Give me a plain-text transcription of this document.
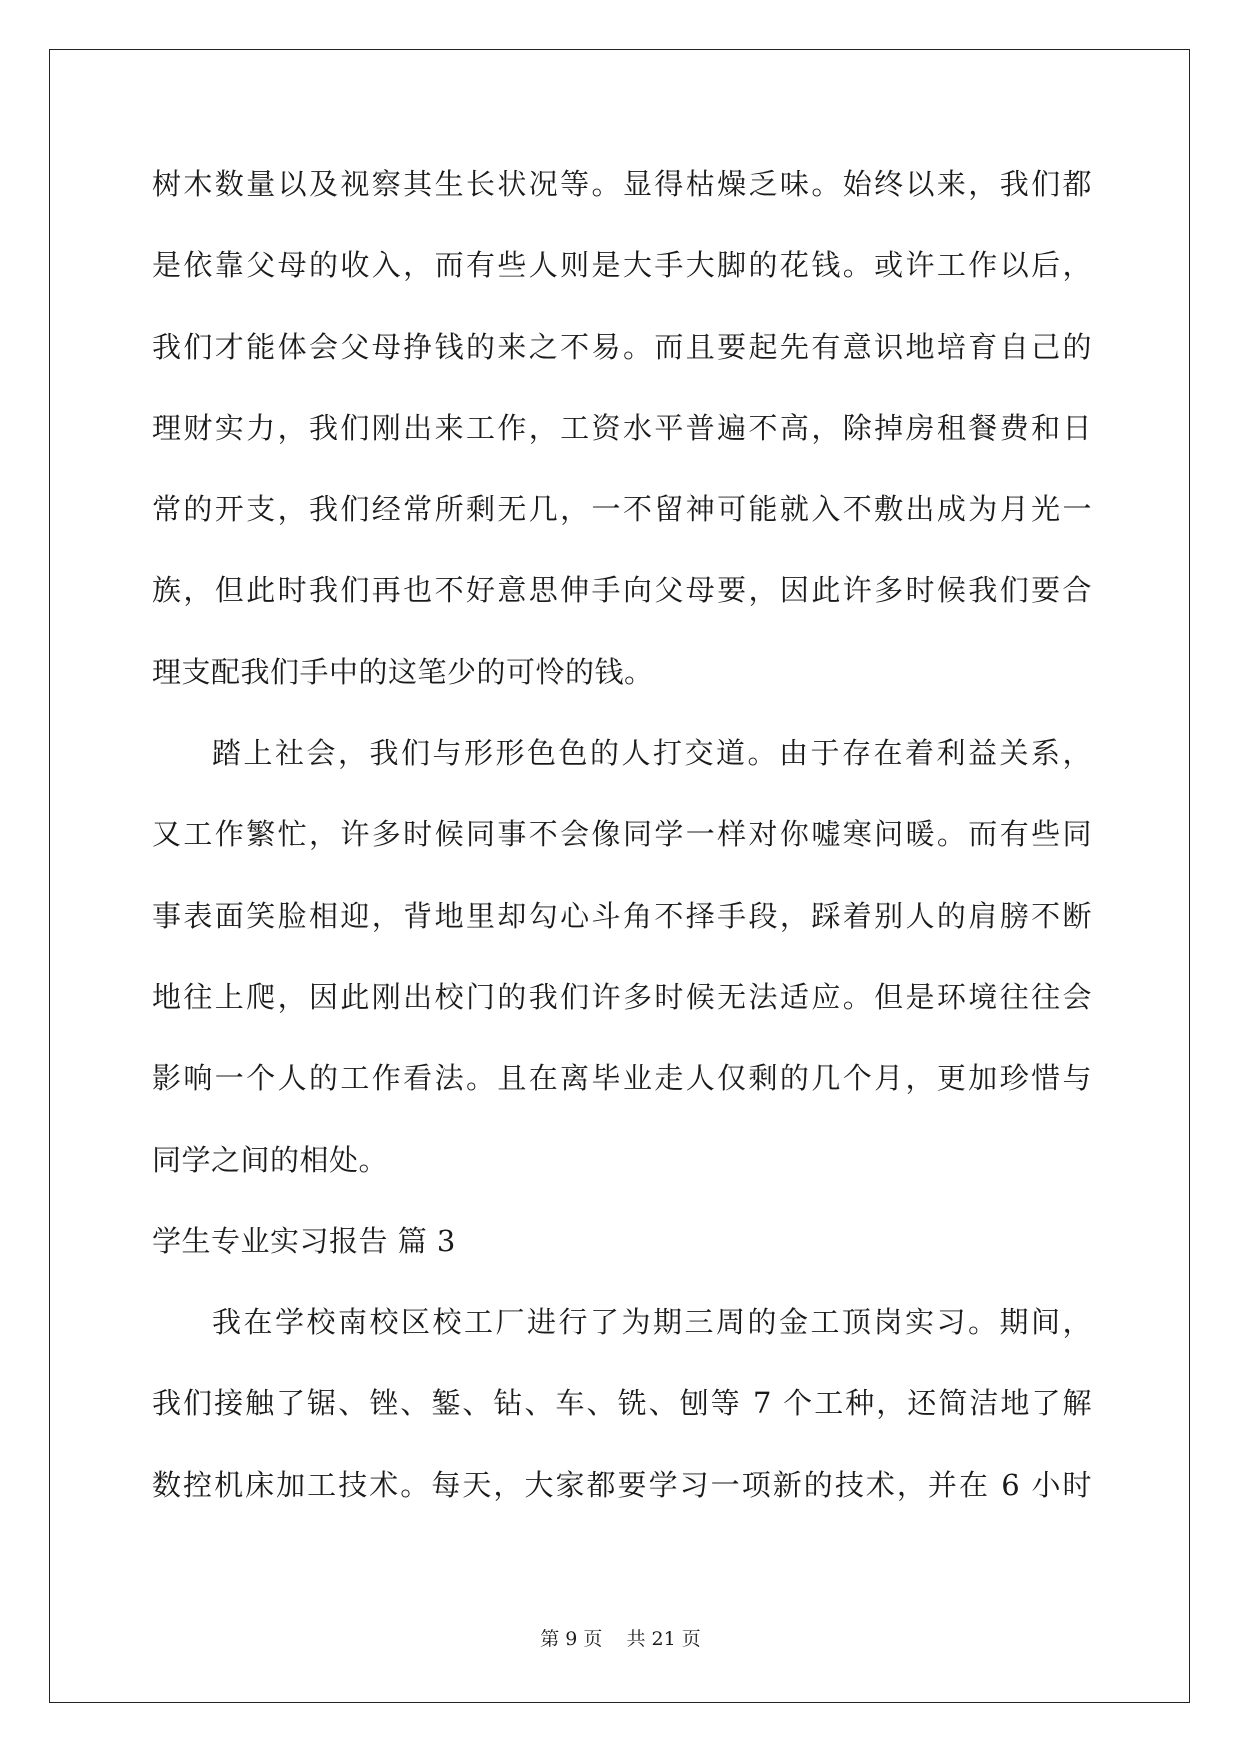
树木数量以及视察其生长状况等。显得枯燥乏味。始终以来，我们都
是依靠父母的收入，而有些人则是大手大脚的花钱。或许工作以后，
我们才能体会父母挣钱的来之不易。而且要起先有意识地培育自己的
理财实力，我们刚出来工作，工资水平普遍不高，除掉房租餐费和日
常的开支，我们经常所剩无几，一不留神可能就入不敷出成为月光一
族，但此时我们再也不好意思伸手向父母要，因此许多时候我们要合
理支配我们手中的这笔少的可怜的钱。
踏上社会，我们与形形色色的人打交道。由于存在着利益关系，
又工作繁忙，许多时候同事不会像同学一样对你嘘寒问暖。而有些同
事表面笑脸相迎，背地里却勾心斗角不择手段，踩着别人的肩膀不断
地往上爬，因此刚出校门的我们许多时候无法适应。但是环境往往会
影响一个人的工作看法。且在离毕业走人仅剩的几个月，更加珍惜与
同学之间的相处。
学生专业实习报告 篇 3
我在学校南校区校工厂进行了为期三周的金工顶岗实习。期间，
我们接触了锯、锉、錾、钻、车、铣、刨等 7 个工种，还简洁地了解
数控机床加工技术。每天，大家都要学习一项新的技术，并在 6 小时
第 9 页 共 21 页
